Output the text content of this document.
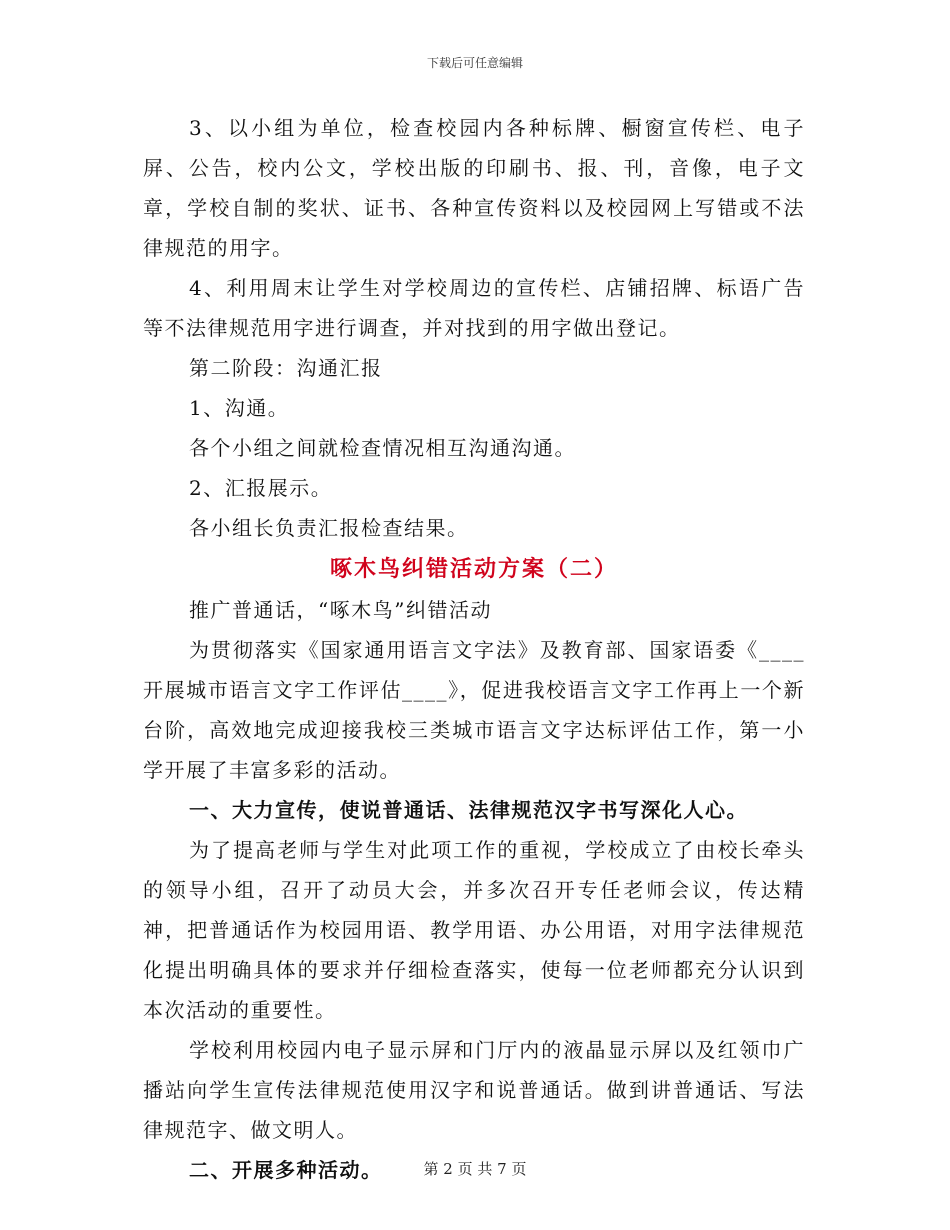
下载后可任意编辑

3、以小组为单位，检查校园内各种标牌、橱窗宣传栏、电子屏、公告，校内公文，学校出版的印刷书、报、刊，音像，电子文章，学校自制的奖状、证书、各种宣传资料以及校园网上写错或不法律规范的用字。

4、利用周末让学生对学校周边的宣传栏、店铺招牌、标语广告等不法律规范用字进行调查，并对找到的用字做出登记。

第二阶段：沟通汇报

1、沟通。

各个小组之间就检查情况相互沟通沟通。

2、汇报展示。

各小组长负责汇报检查结果。

啄木鸟纠错活动方案（二）

推广普通话，“啄木鸟”纠错活动

为贯彻落实《国家通用语言文字法》及教育部、国家语委《____开展城市语言文字工作评估____》，促进我校语言文字工作再上一个新台阶，高效地完成迎接我校三类城市语言文字达标评估工作，第一小学开展了丰富多彩的活动。

一、大力宣传，使说普通话、法律规范汉字书写深化人心。

为了提高老师与学生对此项工作的重视，学校成立了由校长牵头的领导小组，召开了动员大会，并多次召开专任老师会议，传达精神，把普通话作为校园用语、教学用语、办公用语，对用字法律规范化提出明确具体的要求并仔细检查落实，使每一位老师都充分认识到本次活动的重要性。

学校利用校园内电子显示屏和门厅内的液晶显示屏以及红领巾广播站向学生宣传法律规范使用汉字和说普通话。做到讲普通话、写法律规范字、做文明人。

二、开展多种活动。	第 2 页 共 7 页
